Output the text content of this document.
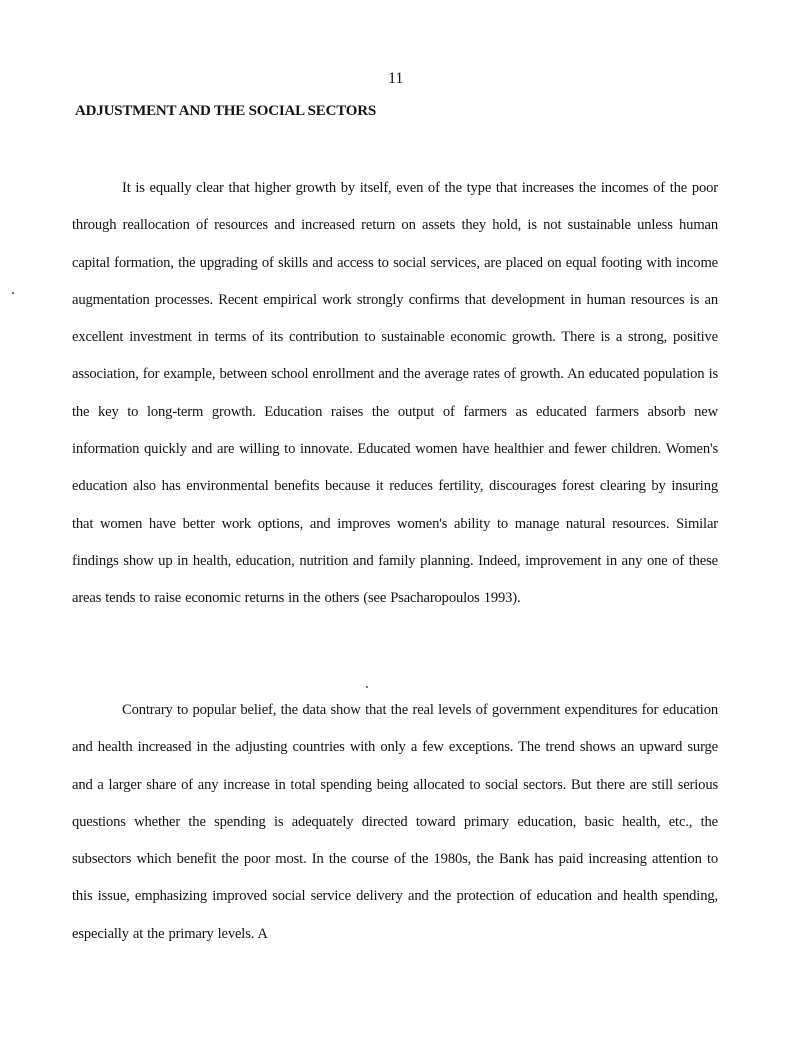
11
ADJUSTMENT AND THE SOCIAL SECTORS

It is equally clear that higher growth by itself, even of the type that increases the incomes of the poor through reallocation of resources and increased return on assets they hold, is not sustainable unless human capital formation, the upgrading of skills and access to social services, are placed on equal footing with income augmentation processes. Recent empirical work strongly confirms that development in human resources is an excellent investment in terms of its contribution to sustainable economic growth. There is a strong, positive association, for example, between school enrollment and the average rates of growth. An educated population is the key to long-term growth. Education raises the output of farmers as educated farmers absorb new information quickly and are willing to innovate. Educated women have healthier and fewer children. Women's education also has environmental benefits because it reduces fertility, discourages forest clearing by insuring that women have better work options, and improves women's ability to manage natural resources. Similar findings show up in health, education, nutrition and family planning. Indeed, improvement in any one of these areas tends to raise economic returns in the others (see Psacharopoulos 1993).

Contrary to popular belief, the data show that the real levels of government expenditures for education and health increased in the adjusting countries with only a few exceptions. The trend shows an upward surge and a larger share of any increase in total spending being allocated to social sectors. But there are still serious questions whether the spending is adequately directed toward primary education, basic health, etc., the subsectors which benefit the poor most. In the course of the 1980s, the Bank has paid increasing attention to this issue, emphasizing improved social service delivery and the protection of education and health spending, especially at the primary levels. A
